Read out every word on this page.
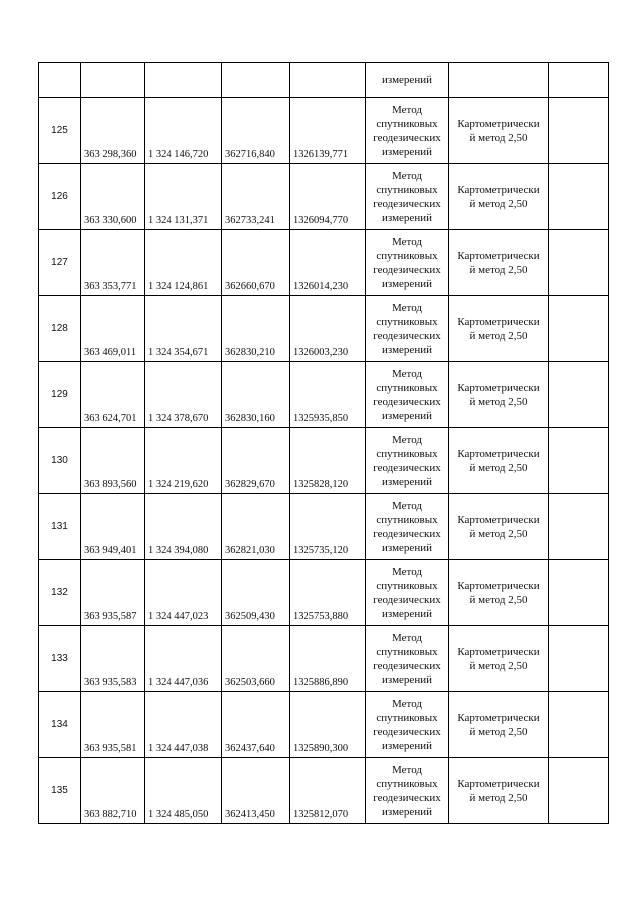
					измерений		

125	363 298,360	1 324 146,720	362716,840	1326139,771	Метод
спутниковых
геодезических
измерений	Картометрически
й метод 2,50	

126	363 330,600	1 324 131,371	362733,241	1326094,770	Метод
спутниковых
геодезических
измерений	Картометрически
й метод 2,50	

127	363 353,771	1 324 124,861	362660,670	1326014,230	Метод
спутниковых
геодезических
измерений	Картометрически
й метод 2,50	

128	363 469,011	1 324 354,671	362830,210	1326003,230	Метод
спутниковых
геодезических
измерений	Картометрически
й метод 2,50	

129	363 624,701	1 324 378,670	362830,160	1325935,850	Метод
спутниковых
геодезических
измерений	Картометрически
й метод 2,50	

130	363 893,560	1 324 219,620	362829,670	1325828,120	Метод
спутниковых
геодезических
измерений	Картометрически
й метод 2,50	

131	363 949,401	1 324 394,080	362821,030	1325735,120	Метод
спутниковых
геодезических
измерений	Картометрически
й метод 2,50	

132	363 935,587	1 324 447,023	362509,430	1325753,880	Метод
спутниковых
геодезических
измерений	Картометрически
й метод 2,50	

133	363 935,583	1 324 447,036	362503,660	1325886,890	Метод
спутниковых
геодезических
измерений	Картометрически
й метод 2,50	

134	363 935,581	1 324 447,038	362437,640	1325890,300	Метод
спутниковых
геодезических
измерений	Картометрически
й метод 2,50	

135	363 882,710	1 324 485,050	362413,450	1325812,070	Метод
спутниковых
геодезических
измерений	Картометрически
й метод 2,50	
